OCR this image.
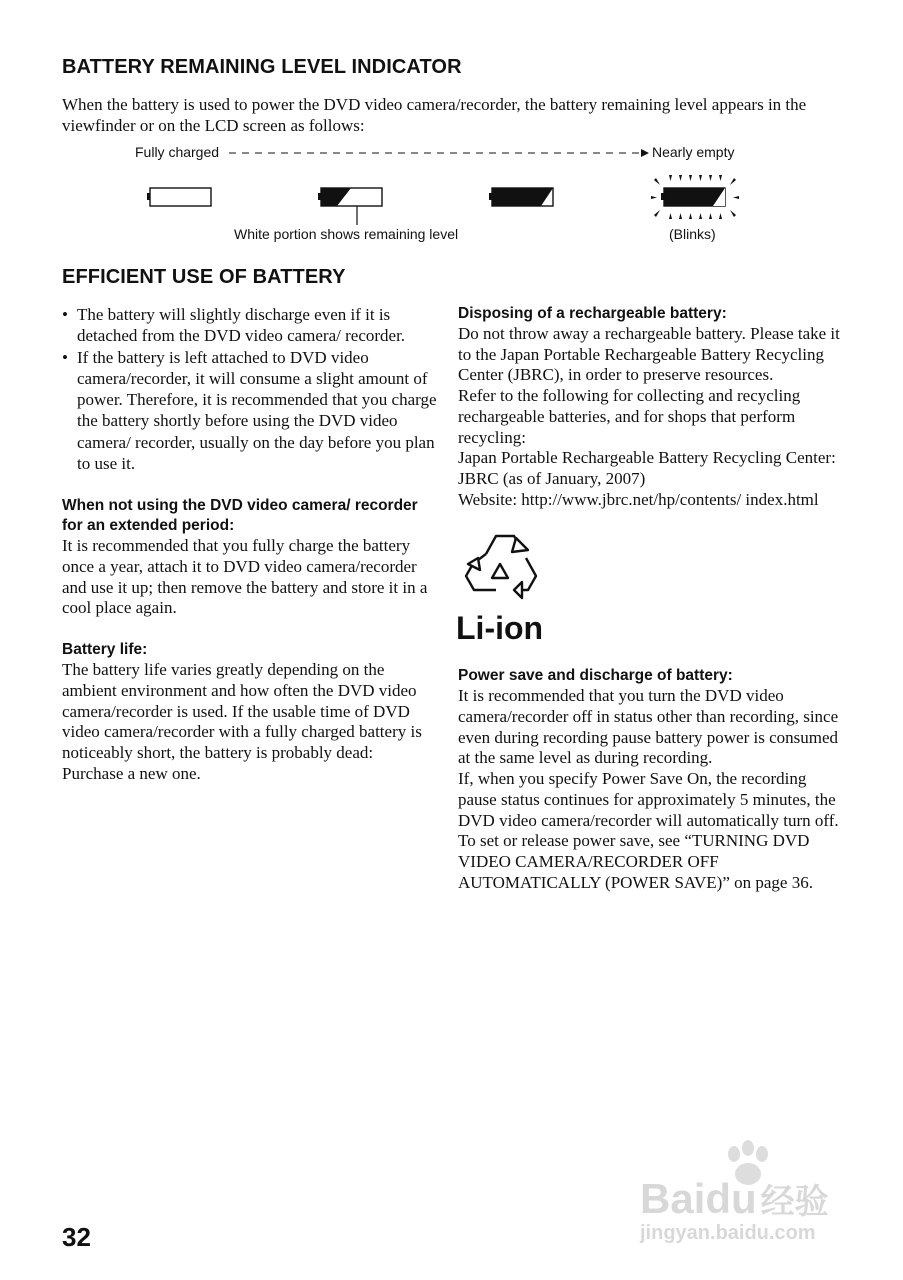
BATTERY REMAINING LEVEL INDICATOR

When the battery is used to power the DVD video camera/recorder, the battery remaining level appears in the viewfinder or on the LCD screen as follows:

Fully charged	Nearly empty
White portion shows remaining level	(Blinks)
EFFICIENT USE OF BATTERY
• The battery will slightly discharge even if it is detached from the DVD video camera/ recorder.
• If the battery is left attached to DVD video camera/recorder, it will consume a slight amount of power. Therefore, it is recommended that you charge the battery shortly before using the DVD video camera/ recorder, usually on the day before you plan to use it.

When not using the DVD video camera/ recorder for an extended period:

It is recommended that you fully charge the battery once a year, attach it to DVD video camera/recorder and use it up; then remove the battery and store it in a cool place again.

Battery life:

The battery life varies greatly depending on the ambient environment and how often the DVD video camera/recorder is used. If the usable time of DVD video camera/recorder with a fully charged battery is noticeably short, the battery is probably dead: Purchase a new one.

Disposing of a rechargeable battery:

Do not throw away a rechargeable battery. Please take it to the Japan Portable Rechargeable Battery Recycling Center (JBRC), in order to preserve resources.

Refer to the following for collecting and recycling rechargeable batteries, and for shops that perform recycling:

Japan Portable Rechargeable Battery Recycling Center: JBRC (as of January, 2007)

Website: http://www.jbrc.net/hp/contents/ index.html

Li-ion

Power save and discharge of battery:

It is recommended that you turn the DVD video camera/recorder off in status other than recording, since even during recording pause battery power is consumed at the same level as during recording.

If, when you specify Power Save On, the recording pause status continues for approximately 5 minutes, the DVD video camera/recorder will automatically turn off.

To set or release power save, see “TURNING DVD VIDEO CAMERA/RECORDER OFF AUTOMATICALLY (POWER SAVE)” on page 36.

Baidu 经验
jingyan.baidu.com

32
